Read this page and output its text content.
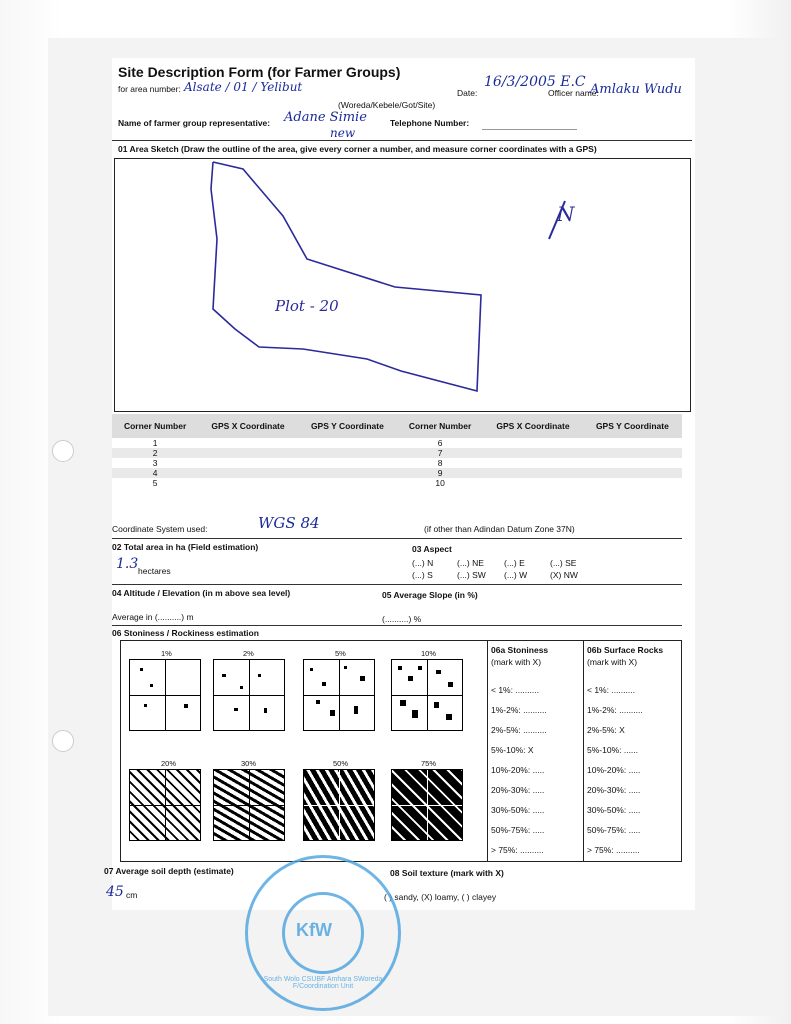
Site Description Form (for Farmer Groups)
for area number: Alsate / 01 / Yelibut
(Woreda/Kebele/Got/Site)
Date:
16/3/2005 E.C
Officer name:
Amlaku Wudu
Name of farmer group representative: Adane Simie
new
Telephone Number:
01 Area Sketch (Draw the outline of the area, give every corner a number, and measure corner coordinates with a GPS)
Plot - 20
N
Corner Number	GPS X Coordinate	GPS Y Coordinate	Corner Number	GPS X Coordinate	GPS Y Coordinate
1			6		
2			7		
3			8		
4			9		
5			10		
Coordinate System used:	WGS 84	(if other than Adindan Datum Zone 37N)
02 Total area in ha (Field estimation)
1.3 hectares
03 Aspect
(...) N	(...) NE (...) E	(...) SE
(...) S	(...) SW (...) W	(X) NW
04 Altitude / Elevation (in m above sea level)
Average in (..........) m
05 Average Slope (in %)
(..........) %
06 Stoniness / Rockiness estimation
1%	2%	5%	10%
20%	30%	50%	75%
06a Stoniness
(mark with X)
06b Surface Rocks
(mark with X)
< 1%: ..........
1%-2%: ..........
2%-5%: ..........
5%-10%: X
10%-20%: .....
20%-30%: .....
30%-50%: .....
50%-75%: .....
> 75%: ..........
< 1%: ..........
1%-2%: ..........
2%-5%: X
5%-10%: ......
10%-20%: .....
20%-30%: .....
30%-50%: .....
50%-75%: .....
> 75%: ..........
07 Average soil depth (estimate)
45 cm
08 Soil texture (mark with X)
( ) sandy, (X) loamy, ( ) clayey
KfW
South Wolo CSUBF Amhara SWoreda F/Coordination Unit
